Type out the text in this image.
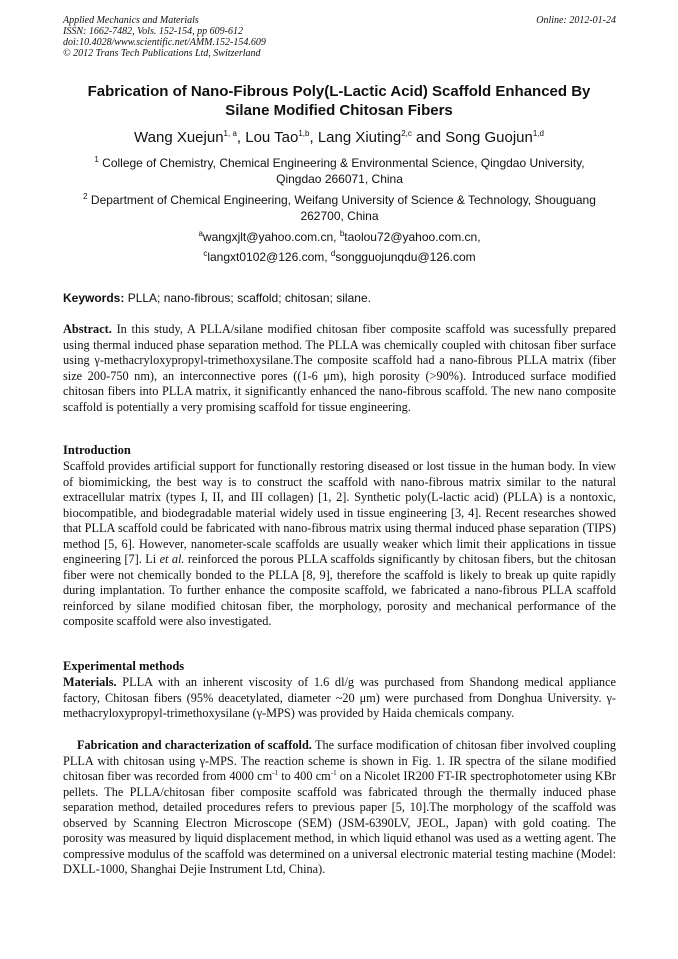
Applied Mechanics and Materials
ISSN: 1662-7482, Vols. 152-154, pp 609-612
doi:10.4028/www.scientific.net/AMM.152-154.609
© 2012 Trans Tech Publications Ltd, Switzerland
Online: 2012-01-24
Fabrication of Nano-Fibrous Poly(L-Lactic Acid) Scaffold Enhanced By
Silane Modified Chitosan Fibers
Wang Xuejun$^{1, a}$, Lou Tao$^{1,b}$, Lang Xiuting$^{2,c}$ and Song Guojun$^{1,d}$
$^1$ College of Chemistry, Chemical Engineering & Environmental Science, Qingdao University,
Qingdao 266071, China
$^2$ Department of Chemical Engineering, Weifang University of Science & Technology, Shouguang
262700, China
$^a$wangxjlt@yahoo.com.cn, $^b$taolou72@yahoo.com.cn,
$^c$langxt0102@126.com, $^d$songguojunqdu@126.com
Keywords: PLLA; nano-fibrous; scaffold; chitosan; silane.
Abstract. In this study, A PLLA/silane modified chitosan fiber composite scaffold was sucessfully prepared using thermal induced phase separation method. The PLLA was chemically coupled with chitosan fiber surface using γ-methacryloxypropyl-trimethoxysilane.The composite scaffold had a nano-fibrous PLLA matrix (fiber size 200-750 nm), an interconnective pores ((1-6 μm), high porosity (>90%). Introduced surface modified chitosan fibers into PLLA matrix, it significantly enhanced the nano-fibrous scaffold. The new nano composite scaffold is potentially a very promising scaffold for tissue engineering.
Introduction
Scaffold provides artificial support for functionally restoring diseased or lost tissue in the human body. In view of biomimicking, the best way is to construct the scaffold with nano-fibrous matrix similar to the natural extracellular matrix (types I, II, and III collagen) [1, 2]. Synthetic poly(L-lactic acid) (PLLA) is a nontoxic, biocompatible, and biodegradable material widely used in tissue engineering [3, 4]. Recent researches showed that PLLA scaffold could be fabricated with nano-fibrous matrix using thermal induced phase separation (TIPS) method [5, 6]. However, nanometer-scale scaffolds are usually weaker which limit their applications in tissue engineering [7]. Li et al. reinforced the porous PLLA scaffolds significantly by chitosan fibers, but the chitosan fiber were not chemically bonded to the PLLA [8, 9], therefore the scaffold is likely to break up quite rapidly during implantation. To further enhance the composite scaffold, we fabricated a nano-fibrous PLLA scaffold reinforced by silane modified chitosan fiber, the morphology, porosity and mechanical performance of the composite scaffold were also investigated.
Experimental methods
Materials. PLLA with an inherent viscosity of 1.6 dl/g was purchased from Shandong medical appliance factory, Chitosan fibers (95% deacetylated, diameter ~20 μm) were purchased from Donghua University. γ-methacryloxypropyl-trimethoxysilane (γ-MPS) was provided by Haida chemicals company.
Fabrication and characterization of scaffold. The surface modification of chitosan fiber involved coupling PLLA with chitosan using γ-MPS. The reaction scheme is shown in Fig. 1. IR spectra of the silane modified chitosan fiber was recorded from 4000 $cm^{-1}$ to 400 $cm^{-1}$ on a Nicolet IR200 FT-IR spectrophotometer using KBr pellets. The PLLA/chitosan fiber composite scaffold was fabricated through the thermally induced phase separation method, detailed procedures refers to previous paper [5, 10].The morphology of the scaffold was observed by Scanning Electron Microscope (SEM) (JSM-6390LV, JEOL, Japan) with gold coating. The porosity was measured by liquid displacement method, in which liquid ethanol was used as a wetting agent. The compressive modulus of the scaffold was determined on a universal electronic material testing machine (Model: DXLL-1000, Shanghai Dejie Instrument Ltd, China).
